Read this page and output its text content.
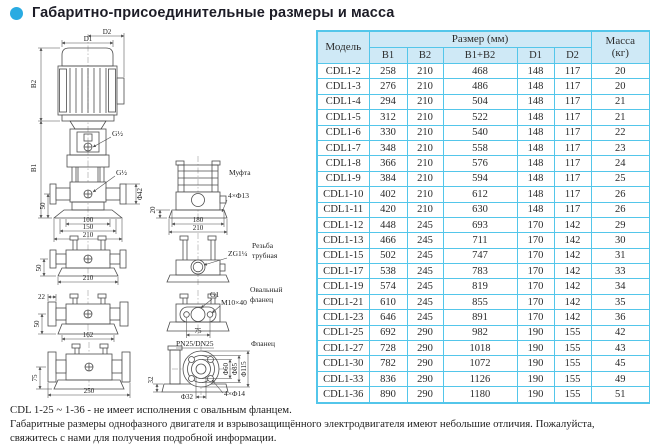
Габаритно-присоединительные размеры и масса
D1
D2
B2
B1
G½
G½
50
Φ42
100
150
210
Муфта
4×Φ13
20
180
210
50
210
ZG1¼
Резьба
трубная
22
50
162
G1
M10×40
75
Овальный
фланец
75
250
PN25/DN25	Фланец
Φ60 Φ85 Φ115
Φ32	4×Φ14
32
Модель	Размер (мм)					Масса
(кг)

	B1	B2	B1+B2	D1	D2	
CDL1-2	258	210	468	148	117	20
CDL1-3	276	210	486	148	117	20
CDL1-4	294	210	504	148	117	21
CDL1-5	312	210	522	148	117	21
CDL1-6	330	210	540	148	117	22
CDL1-7	348	210	558	148	117	23
CDL1-8	366	210	576	148	117	24
CDL1-9	384	210	594	148	117	25
CDL1-10	402	210	612	148	117	26
CDL1-11	420	210	630	148	117	26
CDL1-12	448	245	693	170	142	29
CDL1-13	466	245	711	170	142	30
CDL1-15	502	245	747	170	142	31
CDL1-17	538	245	783	170	142	33
CDL1-19	574	245	819	170	142	34
CDL1-21	610	245	855	170	142	35
CDL1-23	646	245	891	170	142	36
CDL1-25	692	290	982	190	155	42
CDL1-27	728	290	1018	190	155	43
CDL1-30	782	290	1072	190	155	45
CDL1-33	836	290	1126	190	155	49
CDL1-36	890	290	1180	190	155	51
CDL 1-25 ~ 1-36 - не имеет исполнения с овальным фланцем.
Габаритные размеры однофазного двигателя и взрывозащищённого электродвигателя имеют небольшие отличия. Пожалуйста, свяжитесь с нами для получения подробной информации.
